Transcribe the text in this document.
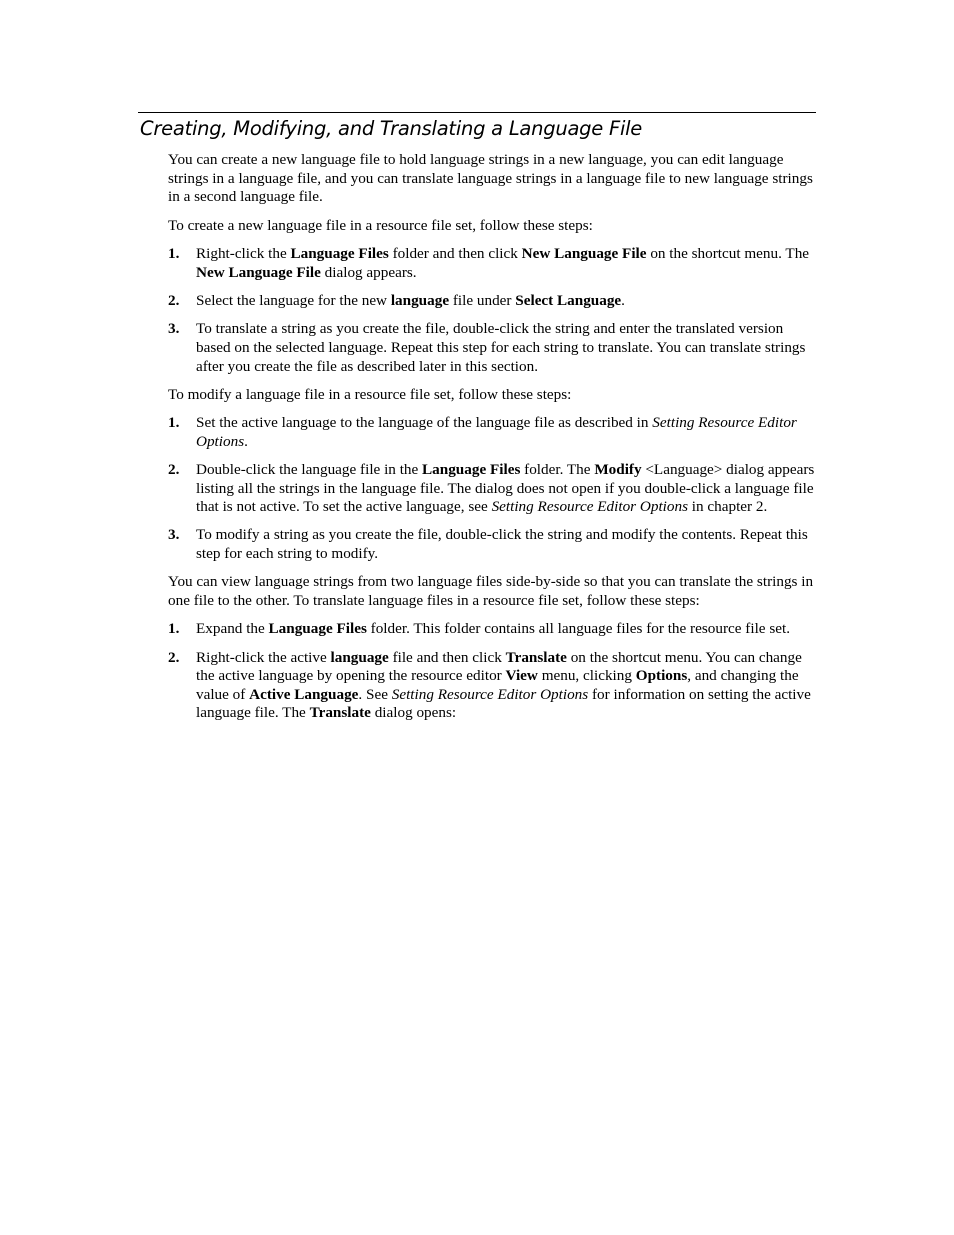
Creating, Modifying, and Translating a Language File

You can create a new language file to hold language strings in a new language, you can edit language strings in a language file, and you can translate language strings in a language file to new language strings in a second language file.

To create a new language file in a resource file set, follow these steps:

1. Right-click the Language Files folder and then click New Language File on the shortcut menu. The New Language File dialog appears.
2. Select the language for the new language file under Select Language.
3. To translate a string as you create the file, double-click the string and enter the translated version based on the selected language. Repeat this step for each string to translate. You can translate strings after you create the file as described later in this section.

To modify a language file in a resource file set, follow these steps:

1. Set the active language to the language of the language file as described in Setting Resource Editor Options.
2. Double-click the language file in the Language Files folder. The Modify <Language> dialog appears listing all the strings in the language file. The dialog does not open if you double-click a language file that is not active. To set the active language, see Setting Resource Editor Options in chapter 2.
3. To modify a string as you create the file, double-click the string and modify the contents. Repeat this step for each string to modify.

You can view language strings from two language files side-by-side so that you can translate the strings in one file to the other. To translate language files in a resource file set, follow these steps:

1. Expand the Language Files folder. This folder contains all language files for the resource file set.
2. Right-click the active language file and then click Translate on the shortcut menu. You can change the active language by opening the resource editor View menu, clicking Options, and changing the value of Active Language. See Setting Resource Editor Options for information on setting the active language file. The Translate dialog opens:
